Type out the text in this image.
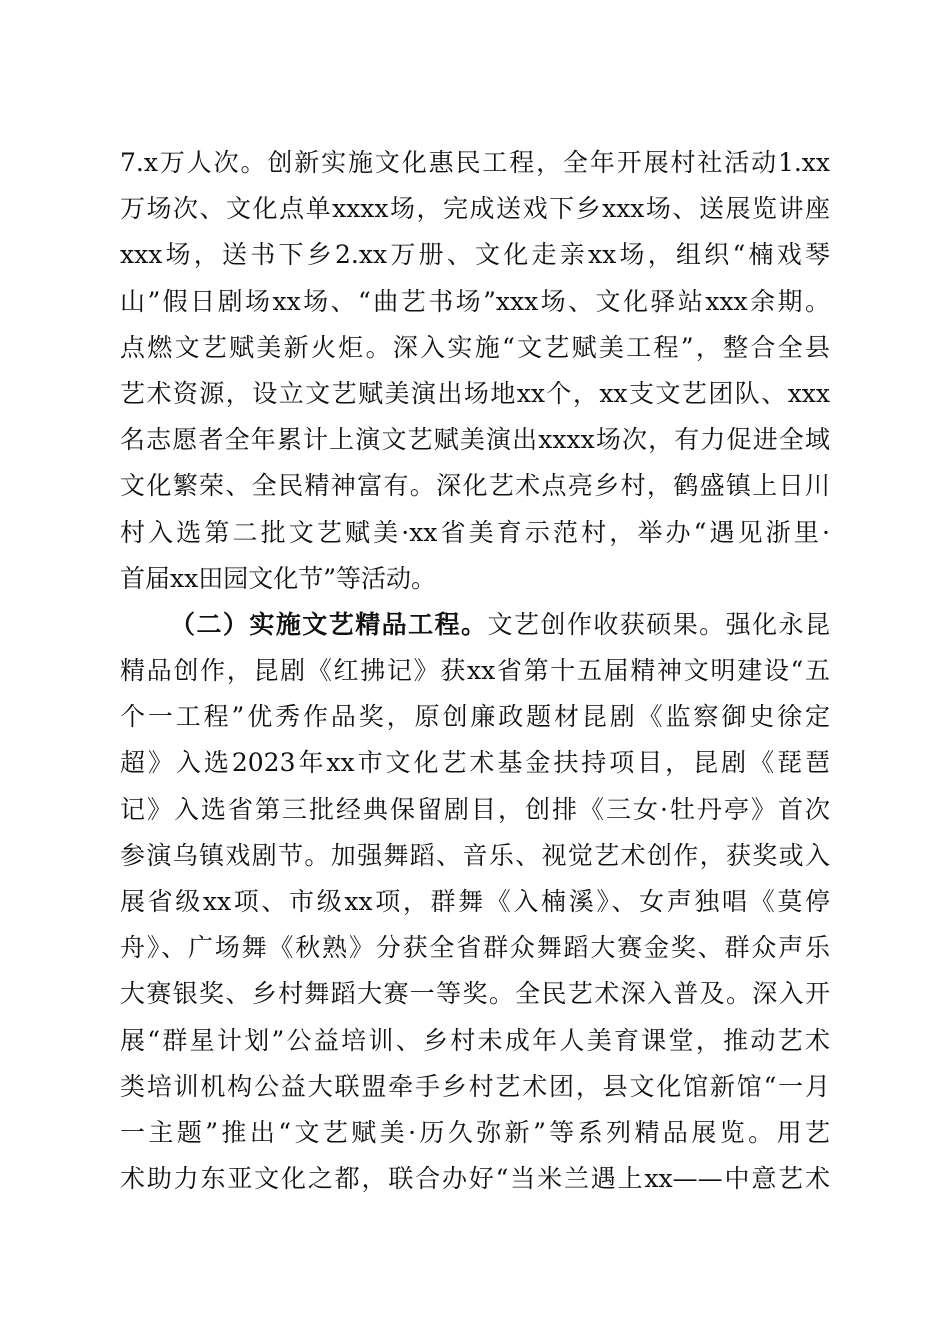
7.x万人次。创新实施文化惠民工程，全年开展村社活动1.xx
万场次、文化点单xxxx场，完成送戏下乡xxx场、送展览讲座
xxx场，送书下乡2.xx万册、文化走亲xx场，组织“楠戏琴
山”假日剧场xx场、“曲艺书场”xxx场、文化驿站xxx余期。
点燃文艺赋美新火炬。深入实施“文艺赋美工程”，整合全县
艺术资源，设立文艺赋美演出场地xx个，xx支文艺团队、xxx
名志愿者全年累计上演文艺赋美演出xxxx场次，有力促进全域
文化繁荣、全民精神富有。深化艺术点亮乡村，鹤盛镇上日川
村入选第二批文艺赋美·xx省美育示范村，举办“遇见浙里·
首届xx田园文化节”等活动。
（二）实施文艺精品工程。文艺创作收获硕果。强化永昆
精品创作，昆剧《红拂记》获xx省第十五届精神文明建设“五
个一工程”优秀作品奖，原创廉政题材昆剧《监察御史徐定
超》入选2023年xx市文化艺术基金扶持项目，昆剧《琵琶
记》入选省第三批经典保留剧目，创排《三女·牡丹亭》首次
参演乌镇戏剧节。加强舞蹈、音乐、视觉艺术创作，获奖或入
展省级xx项、市级xx项，群舞《入楠溪》、女声独唱《莫停
舟》、广场舞《秋熟》分获全省群众舞蹈大赛金奖、群众声乐
大赛银奖、乡村舞蹈大赛一等奖。全民艺术深入普及。深入开
展“群星计划”公益培训、乡村未成年人美育课堂，推动艺术
类培训机构公益大联盟牵手乡村艺术团，县文化馆新馆“一月
一主题”推出“文艺赋美·历久弥新”等系列精品展览。用艺
术助力东亚文化之都，联合办好“当米兰遇上xx——中意艺术
